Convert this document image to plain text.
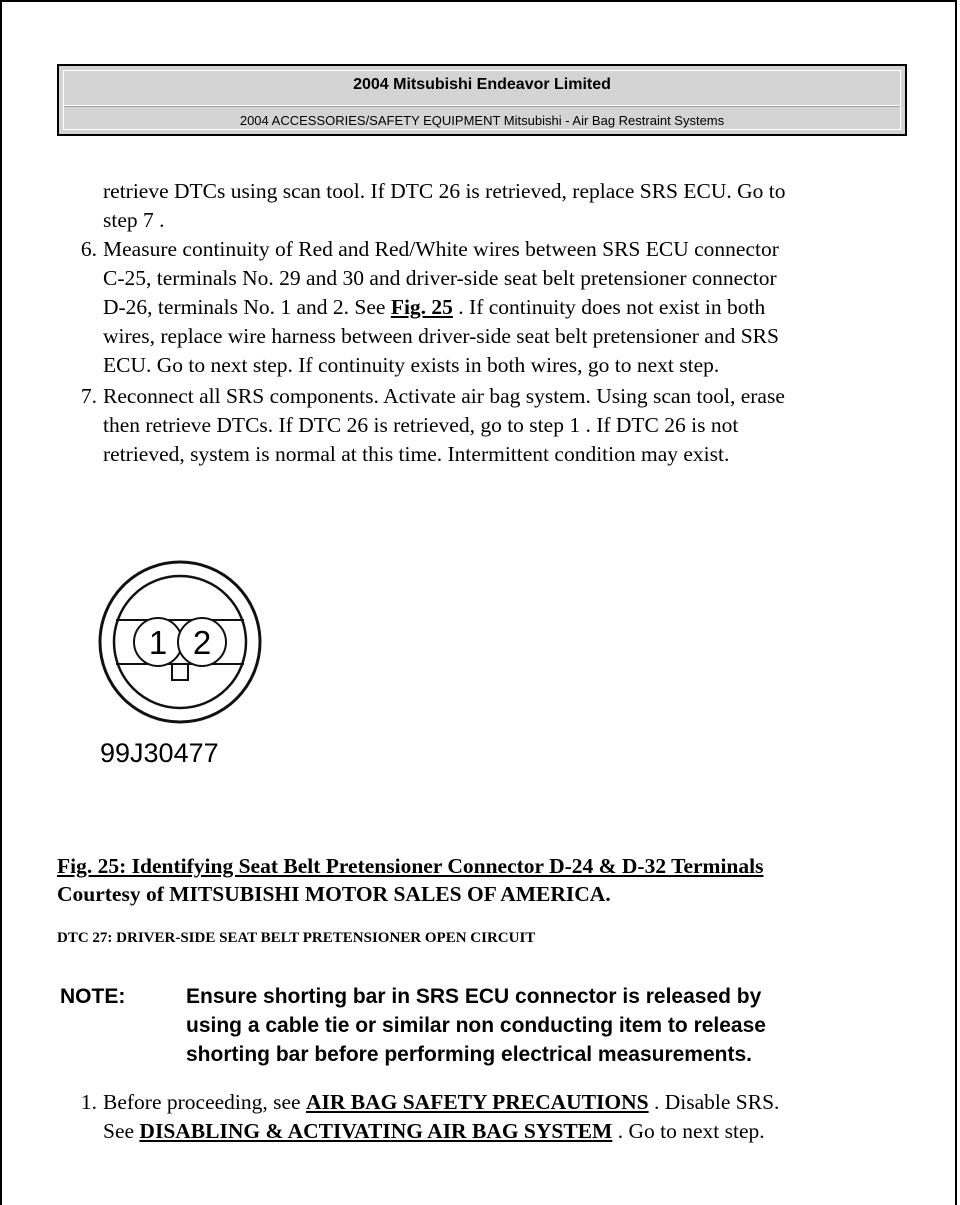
2004 Mitsubishi Endeavor Limited
2004 ACCESSORIES/SAFETY EQUIPMENT Mitsubishi - Air Bag Restraint Systems
retrieve DTCs using scan tool. If DTC 26 is retrieved, replace SRS ECU. Go to
step 7 .
6. Measure continuity of Red and Red/White wires between SRS ECU connector
C-25, terminals No. 29 and 30 and driver-side seat belt pretensioner connector
D-26, terminals No. 1 and 2. See Fig. 25 . If continuity does not exist in both
wires, replace wire harness between driver-side seat belt pretensioner and SRS
ECU. Go to next step. If continuity exists in both wires, go to next step.
7. Reconnect all SRS components. Activate air bag system. Using scan tool, erase
then retrieve DTCs. If DTC 26 is retrieved, go to step 1 . If DTC 26 is not
retrieved, system is normal at this time. Intermittent condition may exist.
1 2
99J30477
Fig. 25: Identifying Seat Belt Pretensioner Connector D-24 & D-32 Terminals
Courtesy of MITSUBISHI MOTOR SALES OF AMERICA.
DTC 27: DRIVER-SIDE SEAT BELT PRETENSIONER OPEN CIRCUIT
NOTE:	Ensure shorting bar in SRS ECU connector is released by
using a cable tie or similar non conducting item to release
shorting bar before performing electrical measurements.
1. Before proceeding, see AIR BAG SAFETY PRECAUTIONS . Disable SRS.
See DISABLING & ACTIVATING AIR BAG SYSTEM . Go to next step.
